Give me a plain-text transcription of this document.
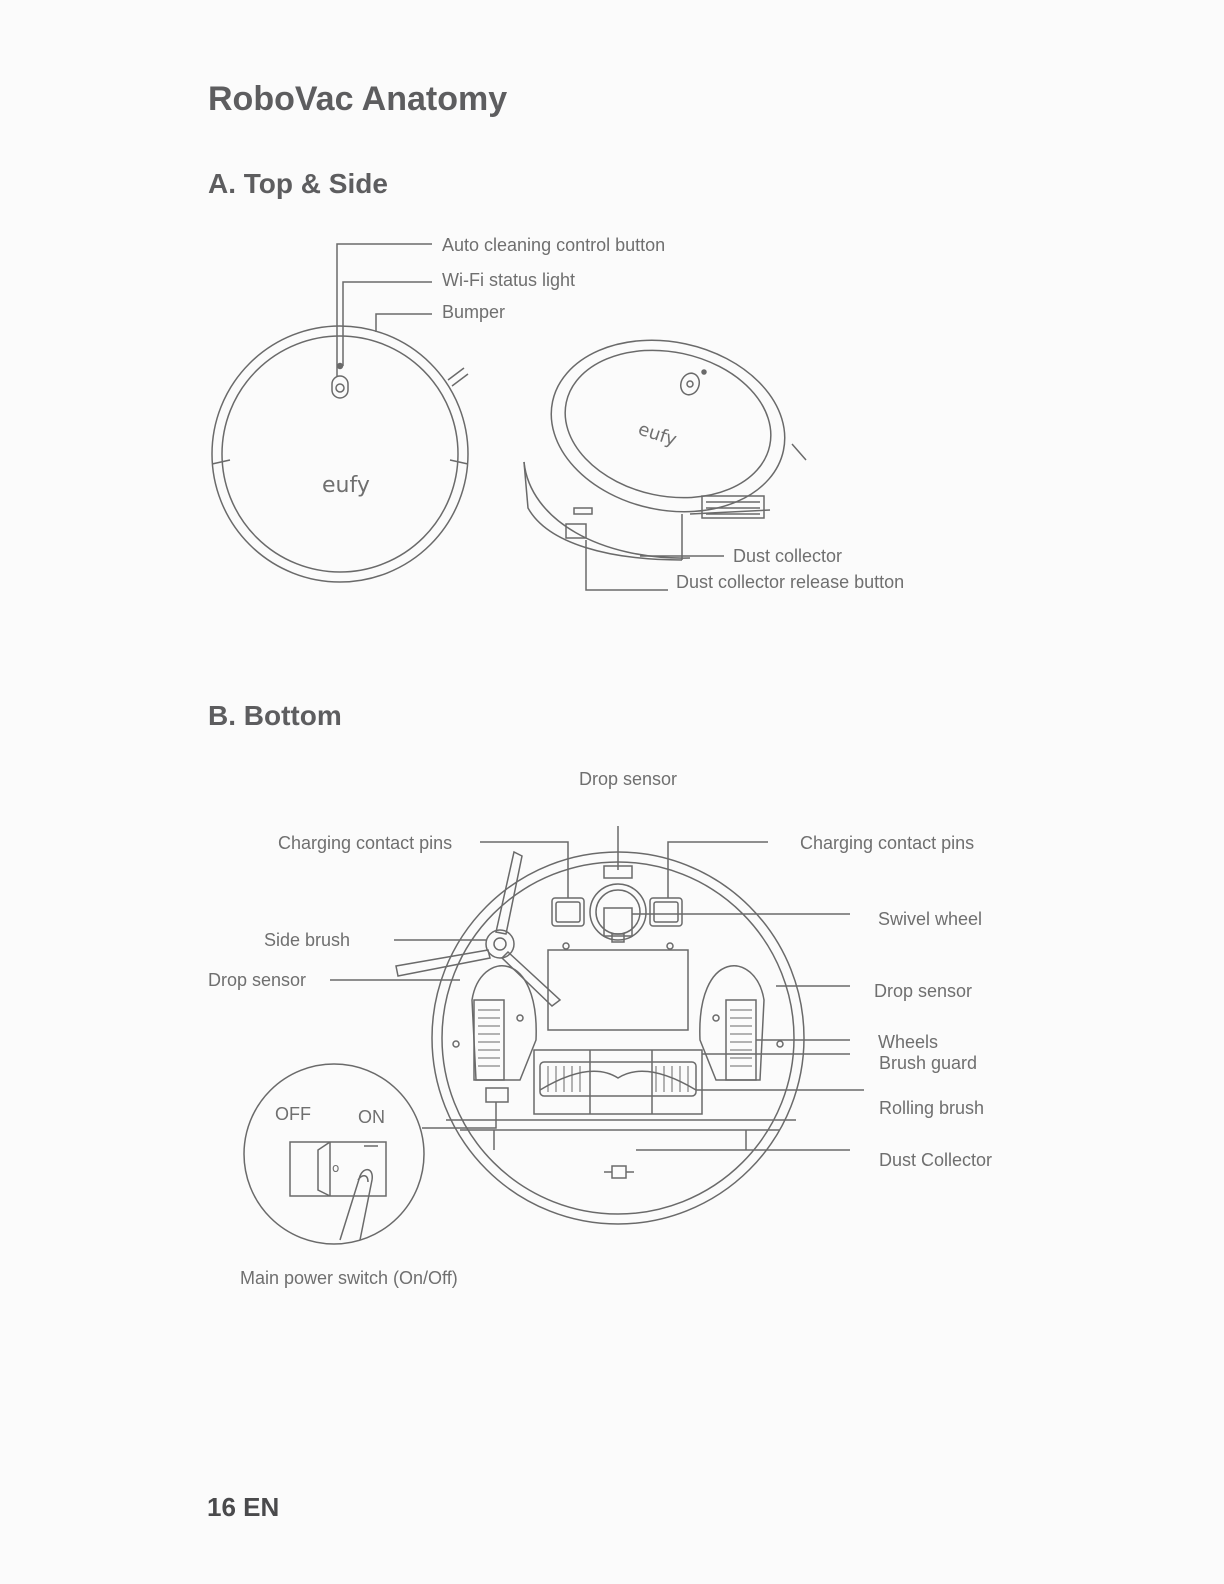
RoboVac Anatomy
A. Top & Side
B. Bottom
eufy
eufy
o
Auto cleaning control button
Wi-Fi status light
Bumper
Dust collector
Dust collector release button
Drop sensor
Charging contact pins	Charging contact pins
Swivel wheel
Side brush
Drop sensor
Drop sensor
Wheels
Brush guard
Rolling brush
Dust Collector
OFF	ON
Main power switch (On/Off)
16 EN
